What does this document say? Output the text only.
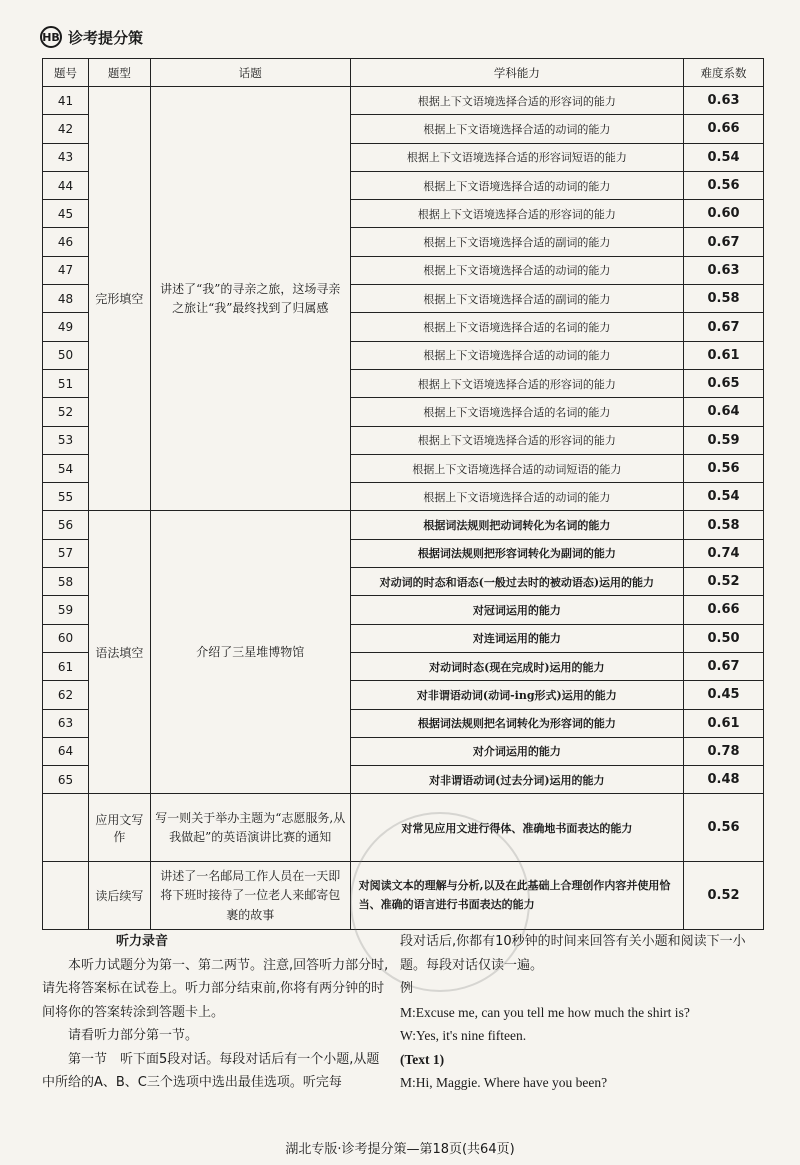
HB 诊考提分策
题号	题型	话题	学科能力	难度系数
41	完形填空	讲述了“我”的寻亲之旅，这场寻亲之旅让“我”最终找到了归属感	根据上下文语境选择合适的形容词的能力	0.63
42			根据上下文语境选择合适的动词的能力	0.66
43			根据上下文语境选择合适的形容词短语的能力	0.54
44			根据上下文语境选择合适的动词的能力	0.56
45			根据上下文语境选择合适的形容词的能力	0.60
46			根据上下文语境选择合适的副词的能力	0.67
47			根据上下文语境选择合适的动词的能力	0.63
48			根据上下文语境选择合适的副词的能力	0.58
49			根据上下文语境选择合适的名词的能力	0.67
50			根据上下文语境选择合适的动词的能力	0.61
51			根据上下文语境选择合适的形容词的能力	0.65
52			根据上下文语境选择合适的名词的能力	0.64
53			根据上下文语境选择合适的形容词的能力	0.59
54			根据上下文语境选择合适的动词短语的能力	0.56
55			根据上下文语境选择合适的动词的能力	0.54
56	语法填空	介绍了三星堆博物馆	根据词法规则把动词转化为名词的能力	0.58
57			根据词法规则把形容词转化为副词的能力	0.74
58			对动词的时态和语态(一般过去时的被动语态)运用的能力	0.52
59			对冠词运用的能力	0.66
60			对连词运用的能力	0.50
61			对动词时态(现在完成时)运用的能力	0.67
62			对非谓语动词(动词-ing形式)运用的能力	0.45
63			根据词法规则把名词转化为形容词的能力	0.61
64			对介词运用的能力	0.78
65			对非谓语动词(过去分词)运用的能力	0.48
	应用文写作	写一则关于举办主题为“志愿服务,从我做起”的英语演讲比赛的通知	对常见应用文进行得体、准确地书面表达的能力	0.56
	读后续写	讲述了一名邮局工作人员在一天即将下班时接待了一位老人来邮寄包裹的故事	对阅读文本的理解与分析,以及在此基础上合理创作内容并使用恰当、准确的语言进行书面表达的能力	0.52
听力录音
本听力试题分为第一、第二两节。注意,回答听力部分时,请先将答案标在试卷上。听力部分结束前,你将有两分钟的时间将你的答案转涂到答题卡上。
请看听力部分第一节。
第一节　听下面5段对话。每段对话后有一个小题,从题中所给的A、B、C三个选项中选出最佳选项。听完每
段对话后,你都有10秒钟的时间来回答有关小题和阅读下一小题。每段对话仅读一遍。
例
M:Excuse me, can you tell me how much the shirt is?
W:Yes, it's nine fifteen.
(Text 1)
M:Hi, Maggie. Where have you been?
湖北专版·诊考提分策—第18页(共64页)
